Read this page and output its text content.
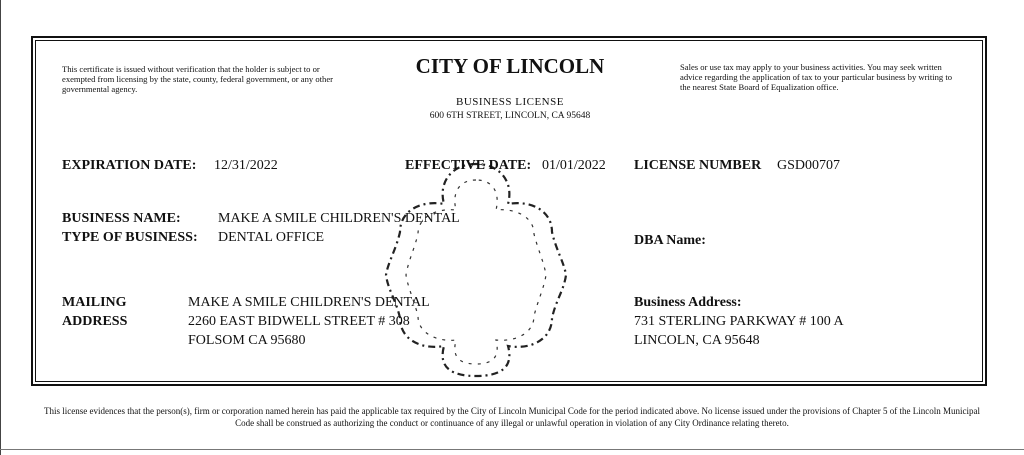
This certificate is issued without verification that the holder is subject to or exempted from licensing by the state, county, federal government, or any other governmental agency.
CITY OF LINCOLN
BUSINESS LICENSE
600 6TH STREET, LINCOLN, CA 95648
Sales or use tax may apply to your business activities. You may seek written advice regarding the application of tax to your particular business by writing to the nearest State Board of Equalization office.
EXPIRATION DATE: 12/31/2022	EFFECTIVE DATE: 01/01/2022 LICENSE NUMBER GSD00707
BUSINESS NAME:	MAKE A SMILE CHILDREN'S DENTAL
TYPE OF BUSINESS: DENTAL OFFICE	DBA Name:
MAILING
ADDRESS
MAKE A SMILE CHILDREN'S DENTAL
2260 EAST BIDWELL STREET # 308
FOLSOM CA 95680
Business Address:
731 STERLING PARKWAY # 100 A
LINCOLN, CA 95648
This license evidences that the person(s), firm or corporation named herein has paid the applicable tax required by the City of Lincoln Municipal Code for the period indicated above. No license issued under the provisions of Chapter 5 of the Lincoln Municipal Code shall be construed as authorizing the conduct or continuance of any illegal or unlawful operation in violation of any City Ordinance relating thereto.
